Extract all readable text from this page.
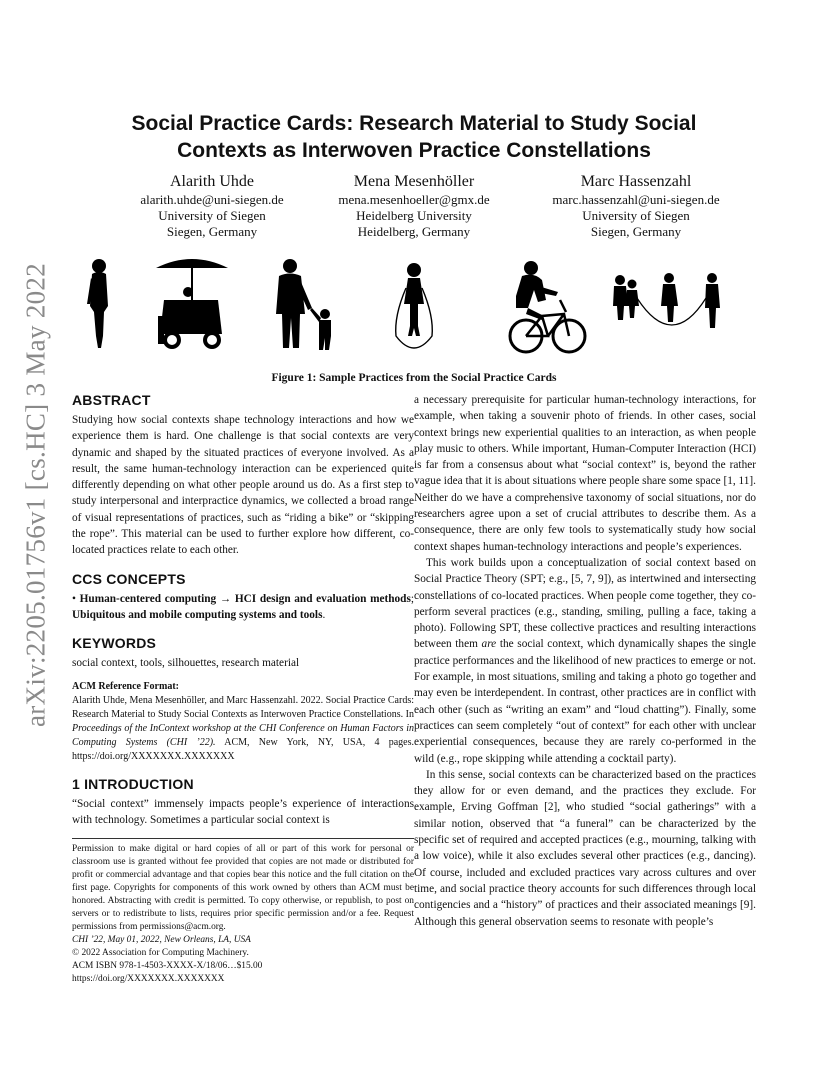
arXiv:2205.01756v1 [cs.HC] 3 May 2022
Social Practice Cards: Research Material to Study Social
Contexts as Interwoven Practice Constellations
Alarith Uhde
alarith.uhde@uni-siegen.de
University of Siegen
Siegen, Germany
Mena Mesenhöller
mena.mesenhoeller@gmx.de
Heidelberg University
Heidelberg, Germany
Marc Hassenzahl
marc.hassenzahl@uni-siegen.de
University of Siegen
Siegen, Germany
Figure 1: Sample Practices from the Social Practice Cards
ABSTRACT

Studying how social contexts shape technology interactions and how we experience them is hard. One challenge is that social contexts are very dynamic and shaped by the situated practices of everyone involved. As a result, the same human-technology interaction can be experienced quite differently depending on what other people around us do. As a first step to study interpersonal and interpractice dynamics, we collected a broad range of visual representations of practices, such as “riding a bike” or “skipping the rope”. This material can be used to further explore how different, co-located practices relate to each other.

CCS CONCEPTS

• Human-centered computing → HCI design and evaluation methods; Ubiquitous and mobile computing systems and tools.

KEYWORDS

social context, tools, silhouettes, research material

ACM Reference Format:

Alarith Uhde, Mena Mesenhöller, and Marc Hassenzahl. 2022. Social Practice Cards: Research Material to Study Social Contexts as Interwoven Practice Constellations. In Proceedings of the InContext workshop at the CHI Conference on Human Factors in Computing Systems (CHI ’22). ACM, New York, NY, USA, 4 pages. https://doi.org/XXXXXXX.XXXXXXX

1 INTRODUCTION

“Social context” immensely impacts people’s experience of interactions with technology. Sometimes a particular social context is

Permission to make digital or hard copies of all or part of this work for personal or classroom use is granted without fee provided that copies are not made or distributed for profit or commercial advantage and that copies bear this notice and the full citation on the first page. Copyrights for components of this work owned by others than ACM must be honored. Abstracting with credit is permitted. To copy otherwise, or republish, to post on servers or to redistribute to lists, requires prior specific permission and/or a fee. Request permissions from permissions@acm.org.

CHI ’22, May 01, 2022, New Orleans, LA, USA

© 2022 Association for Computing Machinery.

ACM ISBN 978-1-4503-XXXX-X/18/06…$15.00

https://doi.org/XXXXXXX.XXXXXXX

a necessary prerequisite for particular human-technology interactions, for example, when taking a souvenir photo of friends. In other cases, social context brings new experiential qualities to an interaction, as when people play music to others. While important, Human-Computer Interaction (HCI) is far from a consensus about what “social context” is, beyond the rather vague idea that it is about situations where people share some space [1, 11]. Neither do we have a comprehensive taxonomy of social situations, nor do researchers agree upon a set of crucial attributes to describe them. As a consequence, there are only few tools to systematically study how social context shapes human-technology interactions and people’s experiences.

This work builds upon a conceptualization of social context based on Social Practice Theory (SPT; e.g., [5, 7, 9]), as intertwined and intersecting constellations of co-located practices. When people come together, they co-perform several practices (e.g., standing, smiling, pulling a face, taking a photo). Following SPT, these collective practices and resulting interactions between them are the social context, which dynamically shapes the single practice performances and the likelihood of new practices to emerge or not. For example, in most situations, smiling and taking a photo go together and may even be interdependent. In contrast, other practices are in conflict with each other (such as “writing an exam” and “loud chatting”). Finally, some practices can seem completely “out of context” for each other with unclear experiential consequences, because they are rarely co-performed in the wild (e.g., rope skipping while attending a cocktail party).

In this sense, social contexts can be characterized based on the practices they allow for or even demand, and the practices they exclude. For example, Erving Goffman [2], who studied “social gatherings” with a similar notion, observed that “a funeral” can be characterized by the specific set of required and accepted practices (e.g., mourning, talking with a low voice), while it also excludes several other practices (e.g., dancing). Of course, included and excluded practices vary across cultures and over time, and social practice theory accounts for such differences through local contigencies and a “history” of practices and their associated meanings [9]. Although this general observation seems to resonate with people’s
